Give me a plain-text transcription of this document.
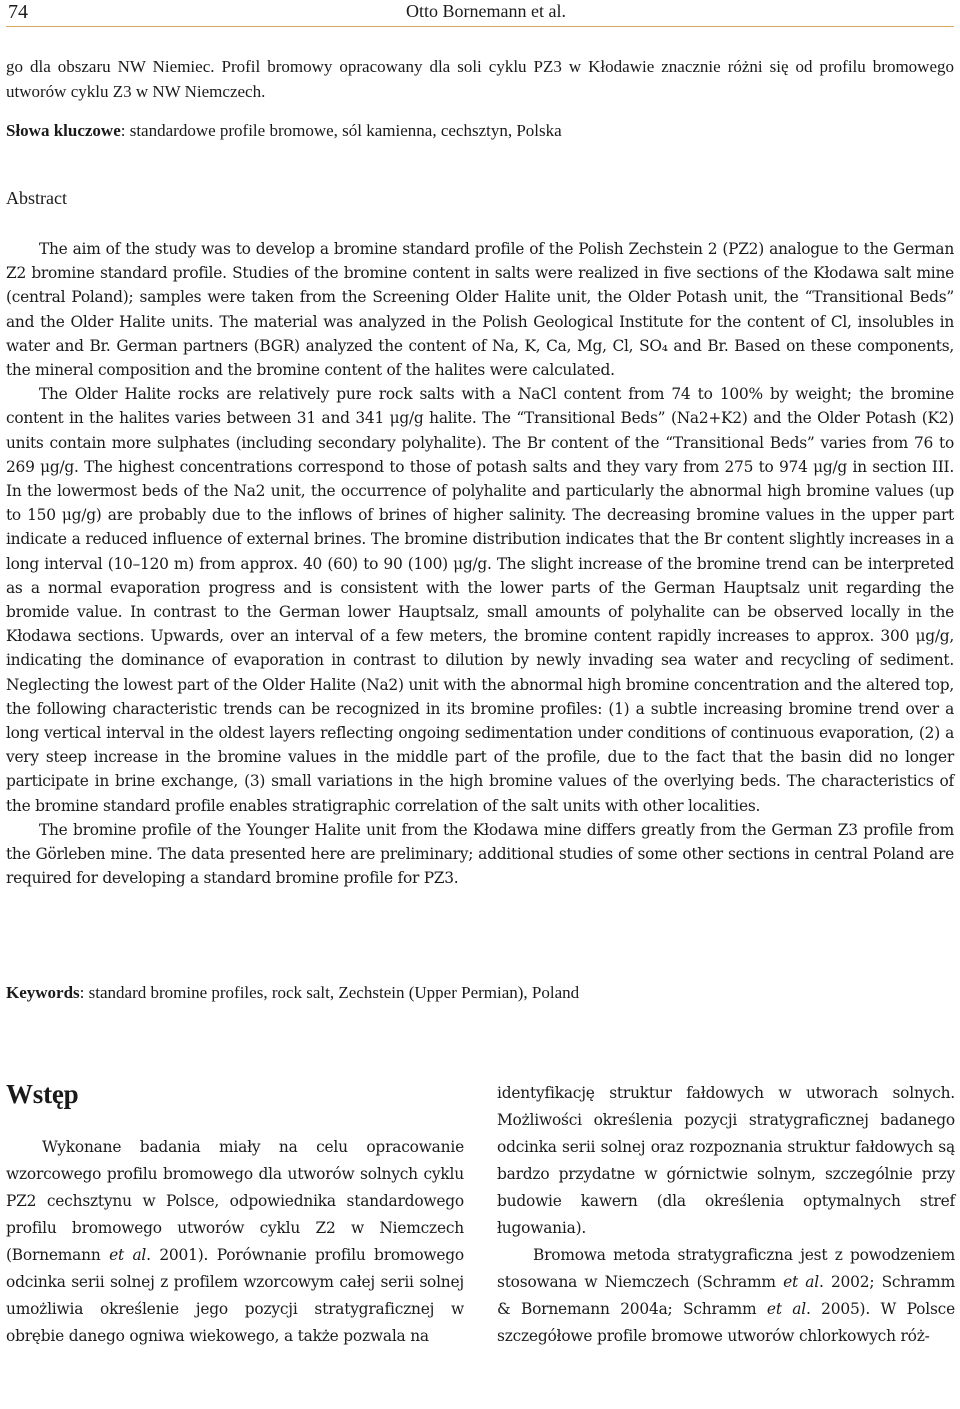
74	Otto Bornemann et al.
go dla obszaru NW Niemiec. Profil bromowy opracowany dla soli cyklu PZ3 w Kłodawie znacznie różni się od profilu bromowego utworów cyklu Z3 w NW Niemczech.
Słowa kluczowe: standardowe profile bromowe, sól kamienna, cechsztyn, Polska
Abstract

The aim of the study was to develop a bromine standard profile of the Polish Zechstein 2 (PZ2) analogue to the German Z2 bromine standard profile. Studies of the bromine content in salts were realized in five sections of the Kłodawa salt mine (central Poland); samples were taken from the Screening Older Halite unit, the Older Potash unit, the “Transitional Beds” and the Older Halite units. The material was analyzed in the Polish Geological Institute for the content of Cl, insolubles in water and Br. German partners (BGR) analyzed the content of Na, K, Ca, Mg, Cl, SO₄ and Br. Based on these components, the mineral composition and the bromine content of the halites were calculated.

The Older Halite rocks are relatively pure rock salts with a NaCl content from 74 to 100% by weight; the bromine content in the halites varies between 31 and 341 μg/g halite. The “Transitional Beds” (Na2+K2) and the Older Potash (K2) units contain more sulphates (including secondary polyhalite). The Br content of the “Transitional Beds” varies from 76 to 269 μg/g. The highest concentrations correspond to those of potash salts and they vary from 275 to 974 μg/g in section III. In the lowermost beds of the Na2 unit, the occurrence of polyhalite and particularly the abnormal high bromine values (up to 150 μg/g) are probably due to the inflows of brines of higher salinity. The decreasing bromine values in the upper part indicate a reduced influence of external brines. The bromine distribution indicates that the Br content slightly increases in a long interval (10–120 m) from approx. 40 (60) to 90 (100) μg/g. The slight increase of the bromine trend can be interpreted as a normal evaporation progress and is consistent with the lower parts of the German Hauptsalz unit regarding the bromide value. In contrast to the German lower Hauptsalz, small amounts of polyhalite can be observed locally in the Kłodawa sections. Upwards, over an interval of a few meters, the bromine content rapidly increases to approx. 300 μg/g, indicating the dominance of evaporation in contrast to dilution by newly invading sea water and recycling of sediment. Neglecting the lowest part of the Older Halite (Na2) unit with the abnormal high bromine concentration and the altered top, the following characteristic trends can be recognized in its bromine profiles: (1) a subtle increasing bromine trend over a long vertical interval in the oldest layers reflecting ongoing sedimentation under conditions of continuous evaporation, (2) a very steep increase in the bromine values in the middle part of the profile, due to the fact that the basin did no longer participate in brine exchange, (3) small variations in the high bromine values of the overlying beds. The characteristics of the bromine standard profile enables stratigraphic correlation of the salt units with other localities.

The bromine profile of the Younger Halite unit from the Kłodawa mine differs greatly from the German Z3 profile from the Görleben mine. The data presented here are preliminary; additional studies of some other sections in central Poland are required for developing a standard bromine profile for PZ3.

Keywords: standard bromine profiles, rock salt, Zechstein (Upper Permian), Poland
Wstęp

Wykonane badania miały na celu opracowanie wzorcowego profilu bromowego dla utworów solnych cyklu PZ2 cechsztynu w Polsce, odpowiednika standardowego profilu bromowego utworów cyklu Z2 w Niemczech (Bornemann et al. 2001). Porównanie profilu bromowego odcinka serii solnej z profilem wzorcowym całej serii solnej umożliwia określenie jego pozycji stratygraficznej w obrębie danego ogniwa wiekowego, a także pozwala na

identyfikację struktur fałdowych w utworach solnych. Możliwości określenia pozycji stratygraficznej badanego odcinka serii solnej oraz rozpoznania struktur fałdowych są bardzo przydatne w górnictwie solnym, szczególnie przy budowie kawern (dla określenia optymalnych stref ługowania).

Bromowa metoda stratygraficzna jest z powodzeniem stosowana w Niemczech (Schramm et al. 2002; Schramm & Bornemann 2004a; Schramm et al. 2005). W Polsce szczegółowe profile bromowe utworów chlorkowych róż-
